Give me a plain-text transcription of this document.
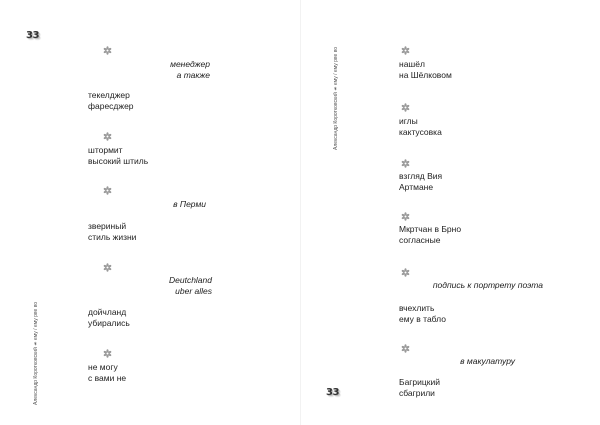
33
Александр Коротковский ☙ ему / ему рве во
менеджер
а также
текелджер
фаресджер
штормит
высокий штиль
в Перми
звериный
стиль жизни
Deutchland
uber alles
дойчланд
убирались
не могу
с вами не
33
Александр Коротковский ☙ ему / ему рве во	нашёл
на Шёлковом
иглы
кактусовка
взгляд Вия
Артмане
Мкртчан в Брно
согласные
подпись к портрету поэта
вчехлить
ему в табло
в макулатуру
Багрицкий
сбагрили
